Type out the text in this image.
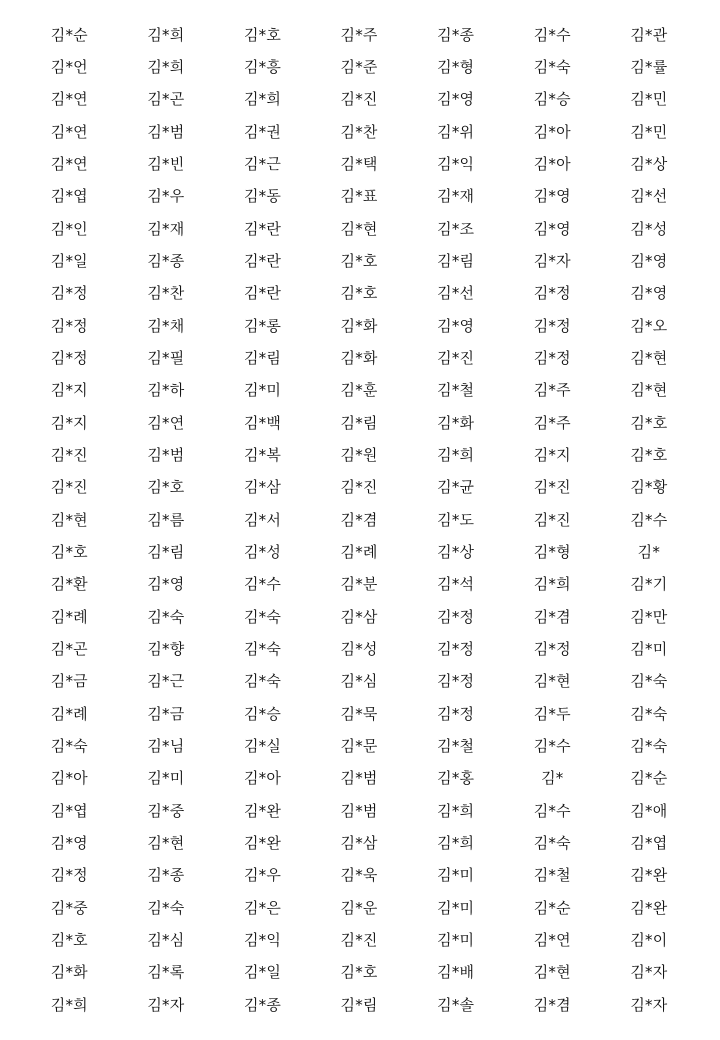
김*순	김*희	김*호	김*주	김*종	김*수	김*관
김*언	김*희	김*흥	김*준	김*형	김*숙	김*률
김*연	김*곤	김*희	김*진	김*영	김*승	김*민
김*연	김*범	김*권	김*찬	김*위	김*아	김*민
김*연	김*빈	김*근	김*택	김*익	김*아	김*상
김*엽	김*우	김*동	김*표	김*재	김*영	김*선
김*인	김*재	김*란	김*현	김*조	김*영	김*성
김*일	김*종	김*란	김*호	김*림	김*자	김*영
김*정	김*찬	김*란	김*호	김*선	김*정	김*영
김*정	김*채	김*롱	김*화	김*영	김*정	김*오
김*정	김*필	김*림	김*화	김*진	김*정	김*현
김*지	김*하	김*미	김*훈	김*철	김*주	김*현
김*지	김*연	김*백	김*림	김*화	김*주	김*호
김*진	김*범	김*복	김*원	김*희	김*지	김*호
김*진	김*호	김*삼	김*진	김*균	김*진	김*황
김*현	김*름	김*서	김*겸	김*도	김*진	김*수
김*호	김*림	김*성	김*례	김*상	김*형	김*
김*환	김*영	김*수	김*분	김*석	김*희	김*기
김*례	김*숙	김*숙	김*삼	김*정	김*겸	김*만
김*곤	김*향	김*숙	김*성	김*정	김*정	김*미
김*금	김*근	김*숙	김*심	김*정	김*현	김*숙
김*례	김*금	김*승	김*묵	김*정	김*두	김*숙
김*숙	김*님	김*실	김*문	김*철	김*수	김*숙
김*아	김*미	김*아	김*범	김*홍	김*	김*순
김*엽	김*중	김*완	김*범	김*희	김*수	김*애
김*영	김*현	김*완	김*삼	김*희	김*숙	김*엽
김*정	김*종	김*우	김*욱	김*미	김*철	김*완
김*중	김*숙	김*은	김*운	김*미	김*순	김*완
김*호	김*심	김*익	김*진	김*미	김*연	김*이
김*화	김*록	김*일	김*호	김*배	김*현	김*자
김*희	김*자	김*종	김*림	김*솔	김*겸	김*자
